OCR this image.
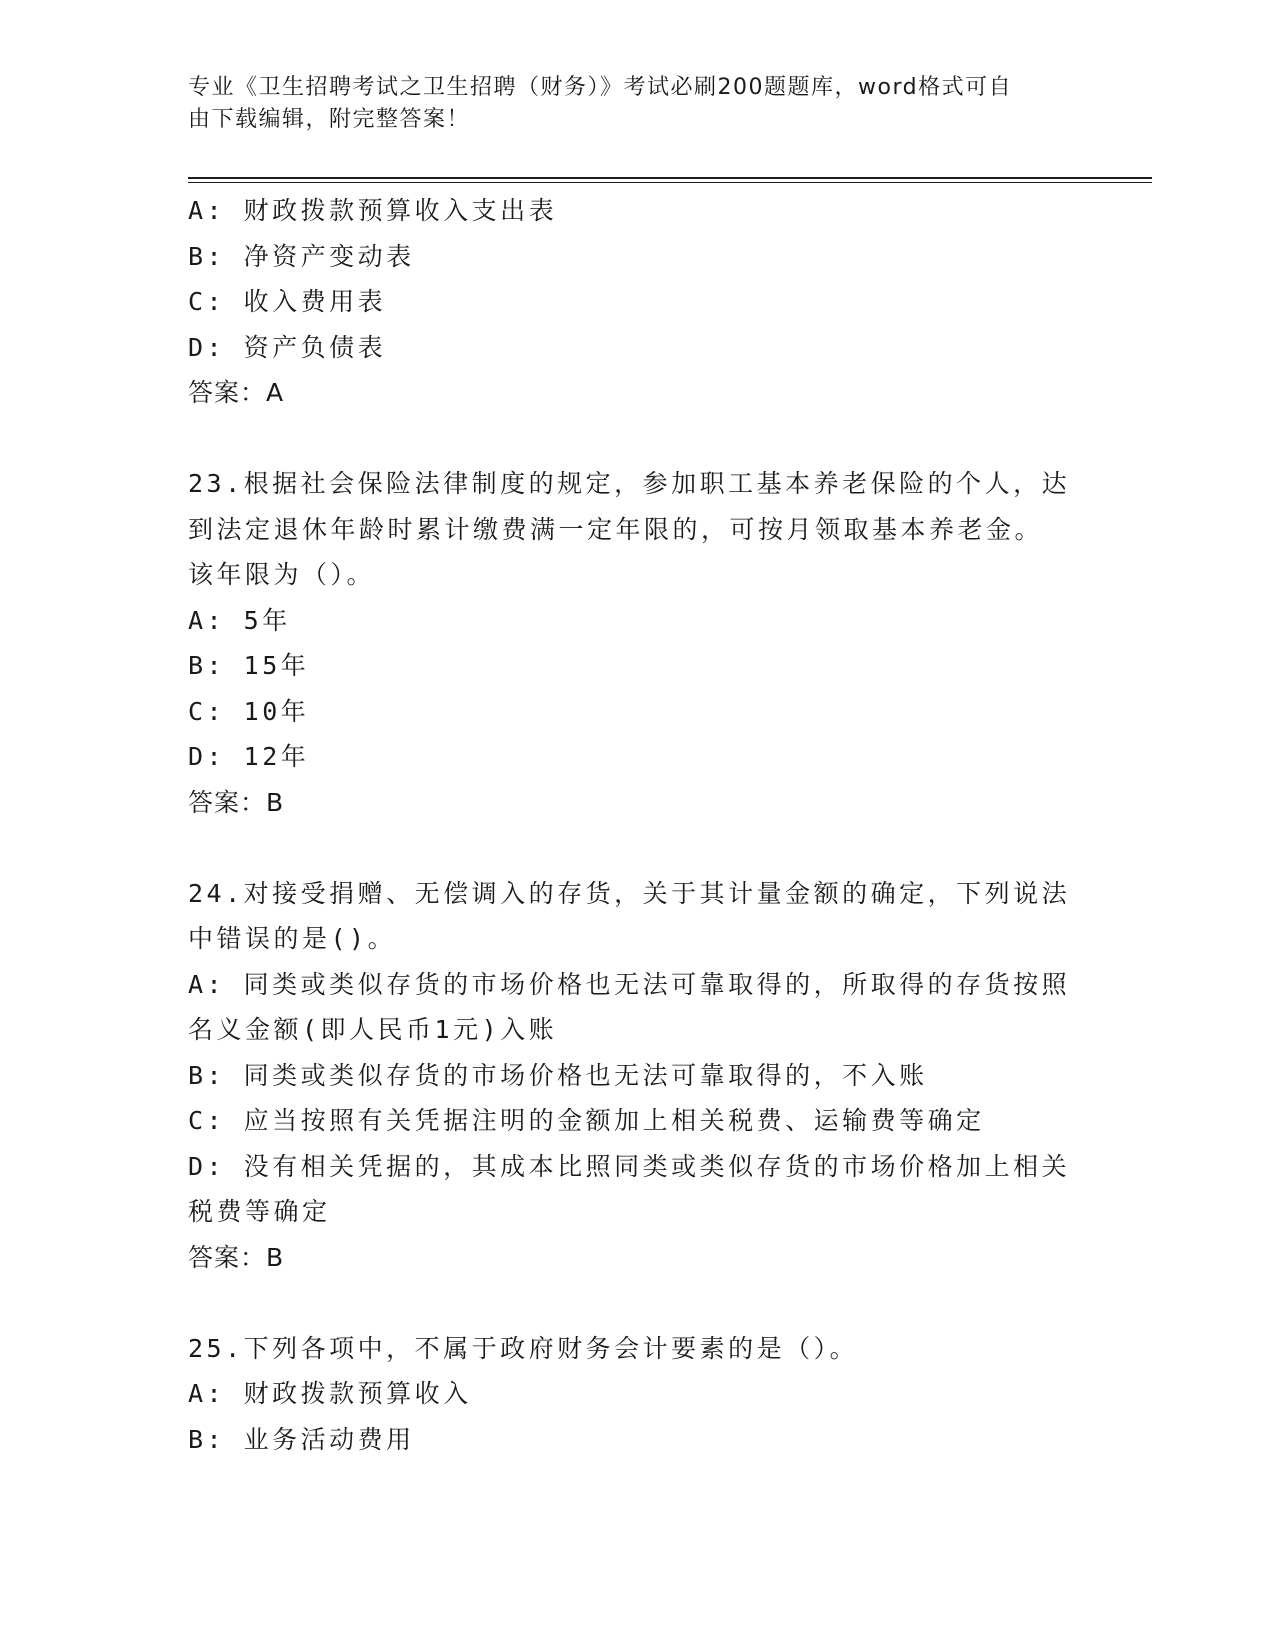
专业《卫生招聘考试之卫生招聘（财务）》考试必刷200题题库，word格式可自
由下载编辑，附完整答案！
A: 财政拨款预算收入支出表
B: 净资产变动表
C: 收入费用表
D: 资产负债表
答案：A
23.根据社会保险法律制度的规定，参加职工基本养老保险的个人，达
到法定退休年龄时累计缴费满一定年限的，可按月领取基本养老金。
该年限为（）。
A: 5年
B: 15年
C: 10年
D: 12年
答案：B
24.对接受捐赠、无偿调入的存货，关于其计量金额的确定，下列说法
中错误的是()。
A: 同类或类似存货的市场价格也无法可靠取得的，所取得的存货按照
名义金额(即人民币1元)入账
B: 同类或类似存货的市场价格也无法可靠取得的，不入账
C: 应当按照有关凭据注明的金额加上相关税费、运输费等确定
D: 没有相关凭据的，其成本比照同类或类似存货的市场价格加上相关
税费等确定
答案：B
25.下列各项中，不属于政府财务会计要素的是（）。
A: 财政拨款预算收入
B: 业务活动费用
